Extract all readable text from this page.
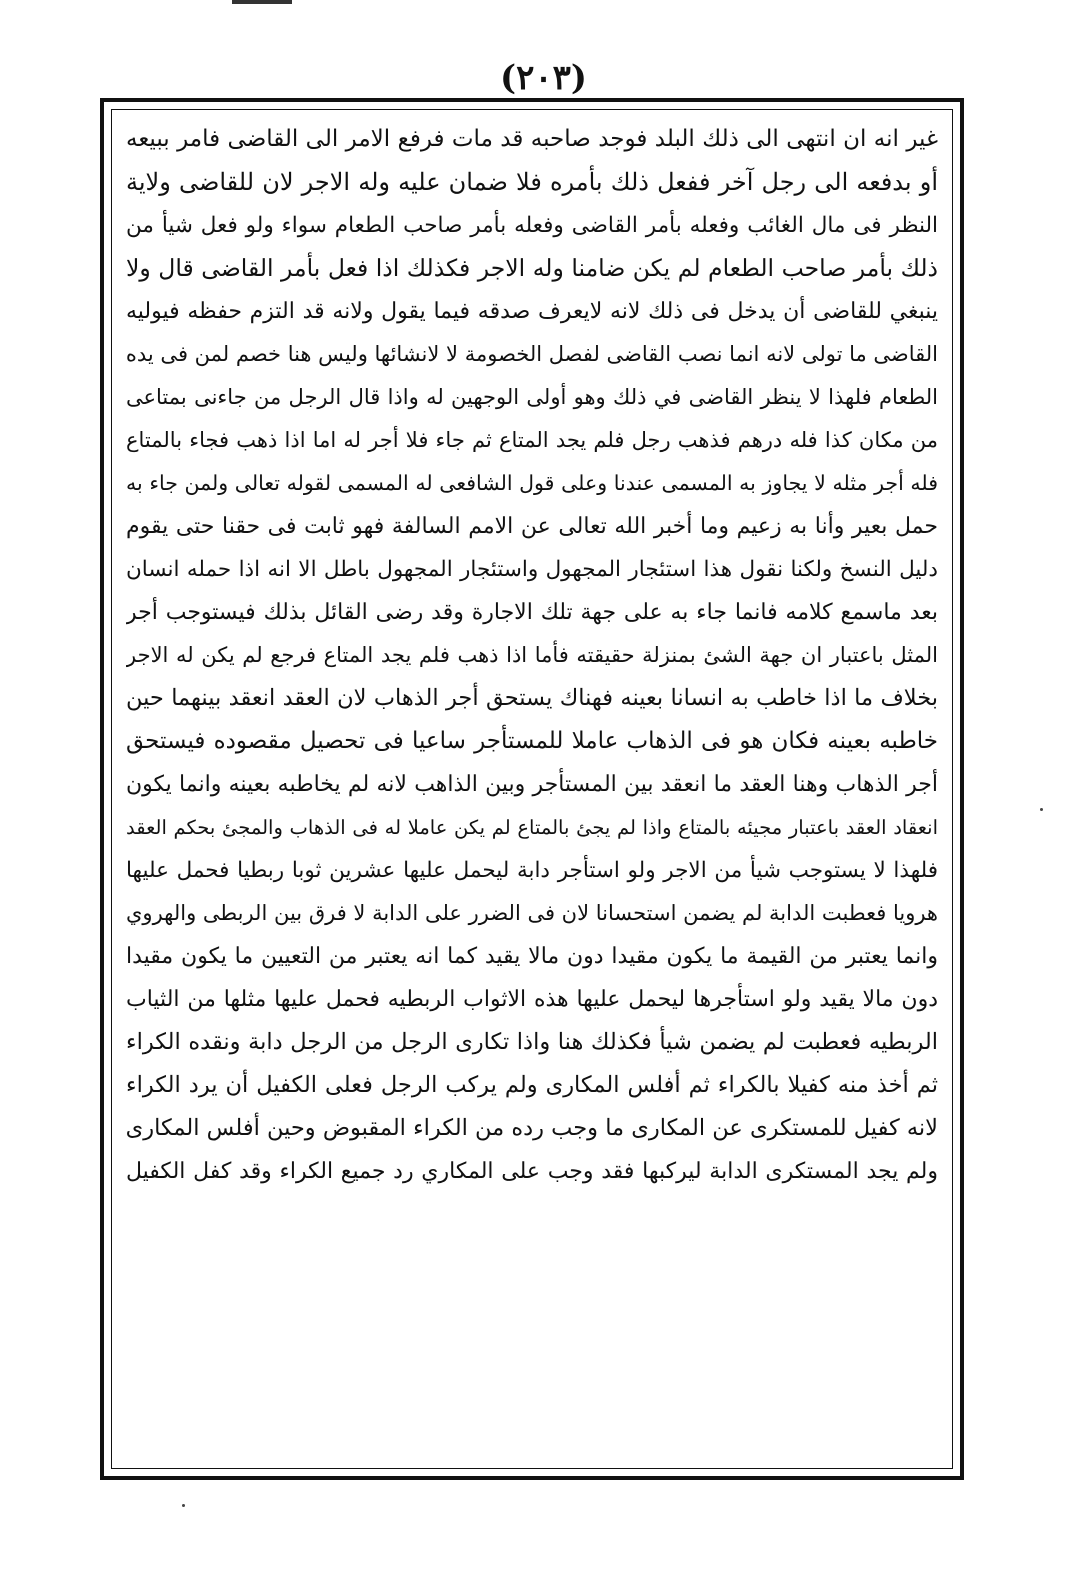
(٢٠٣)
غير انه ان انتهى الى ذلك البلد فوجد صاحبه قد مات فرفع الامر الى القاضى فامر ببيعه
أو بدفعه الى رجل آخر ففعل ذلك بأمره فلا ضمان عليه وله الاجر لان للقاضى ولاية
النظر فى مال الغائب وفعله بأمر القاضى وفعله بأمر صاحب الطعام سواء ولو فعل شيأ من
ذلك بأمر صاحب الطعام لم يكن ضامنا وله الاجر فكذلك اذا فعل بأمر القاضى قال ولا
ينبغي للقاضى أن يدخل فى ذلك لانه لايعرف صدقه فيما يقول ولانه قد التزم حفظه فيوليه
القاضى ما تولى لانه انما نصب القاضى لفصل الخصومة لا لانشائها وليس هنا خصم لمن فى يده
الطعام فلهذا لا ينظر القاضى في ذلك وهو أولى الوجهين له واذا قال الرجل من جاءنى بمتاعى
من مكان كذا فله درهم فذهب رجل فلم يجد المتاع ثم جاء فلا أجر له اما اذا ذهب فجاء بالمتاع
فله أجر مثله لا يجاوز به المسمى عندنا وعلى قول الشافعى له المسمى لقوله تعالى ولمن جاء به
حمل بعير وأنا به زعيم وما أخبر الله تعالى عن الامم السالفة فهو ثابت فى حقنا حتى يقوم
دليل النسخ ولكنا نقول هذا استئجار المجهول واستئجار المجهول باطل الا انه اذا حمله انسان
بعد ماسمع كلامه فانما جاء به على جهة تلك الاجارة وقد رضى القائل بذلك فيستوجب أجر
المثل باعتبار ان جهة الشئ بمنزلة حقيقته فأما اذا ذهب فلم يجد المتاع فرجع لم يكن له الاجر
بخلاف ما اذا خاطب به انسانا بعينه فهناك يستحق أجر الذهاب لان العقد انعقد بينهما حين
خاطبه بعينه فكان هو فى الذهاب عاملا للمستأجر ساعيا فى تحصيل مقصوده فيستحق
أجر الذهاب وهنا العقد ما انعقد بين المستأجر وبين الذاهب لانه لم يخاطبه بعينه وانما يكون
انعقاد العقد باعتبار مجيئه بالمتاع واذا لم يجئ بالمتاع لم يكن عاملا له فى الذهاب والمجئ بحكم العقد
فلهذا لا يستوجب شيأ من الاجر ولو استأجر دابة ليحمل عليها عشرين ثوبا ربطيا فحمل عليها
هرويا فعطبت الدابة لم يضمن استحسانا لان فى الضرر على الدابة لا فرق بين الربطى والهروي
وانما يعتبر من القيمة ما يكون مقيدا دون مالا يقيد كما انه يعتبر من التعيين ما يكون مقيدا
دون مالا يقيد ولو استأجرها ليحمل عليها هذه الاثواب الربطيه فحمل عليها مثلها من الثياب
الربطيه فعطبت لم يضمن شيأ فكذلك هنا واذا تكارى الرجل من الرجل دابة ونقده الكراء
ثم أخذ منه كفيلا بالكراء ثم أفلس المكارى ولم يركب الرجل فعلى الكفيل أن يرد الكراء
لانه كفيل للمستكرى عن المكارى ما وجب رده من الكراء المقبوض وحين أفلس المكارى
ولم يجد المستكرى الدابة ليركبها فقد وجب على المكاري رد جميع الكراء وقد كفل الكفيل
